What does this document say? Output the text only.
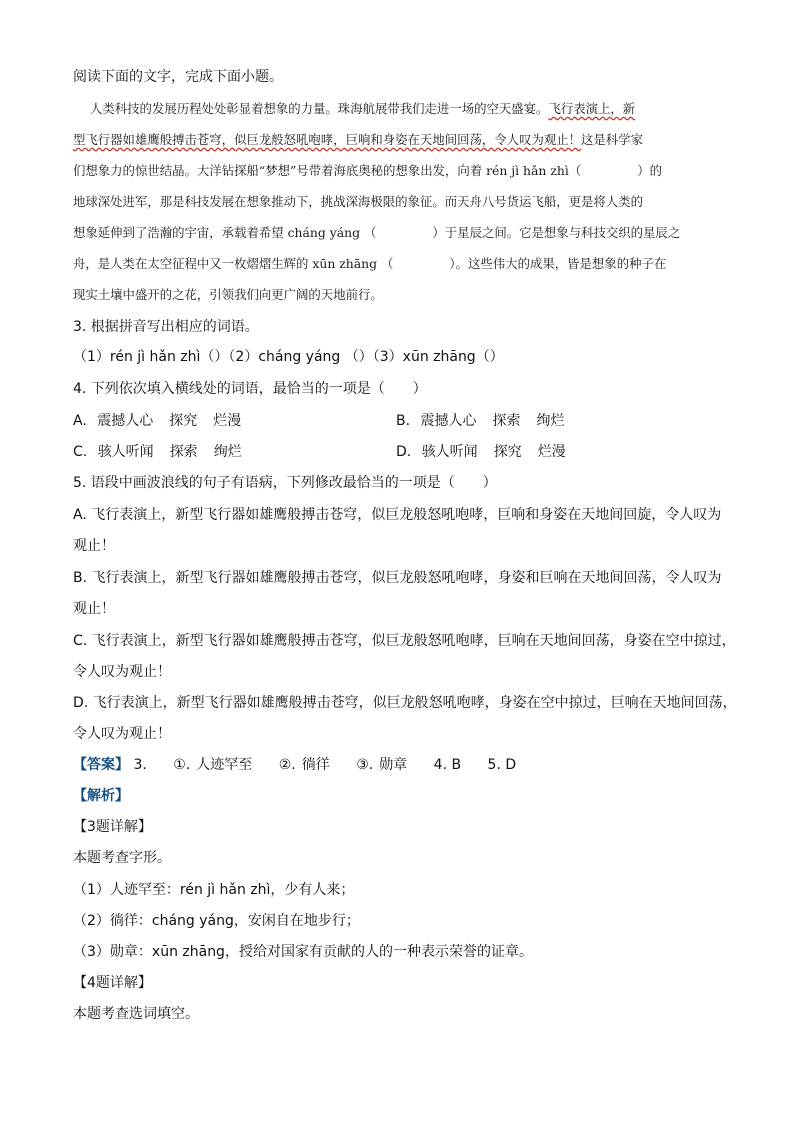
阅读下面的文字，完成下面小题。
人类科技的发展历程处处彰显着想象的力量。珠海航展带我们走进一场的空天盛宴。飞行表演上，新
型飞行器如雄鹰般搏击苍穹，似巨龙般怒吼咆哮，巨响和身姿在天地间回荡，令人叹为观止！这是科学家
们想象力的惊世结晶。大洋钻探船“梦想”号带着海底奥秘的想象出发，向着 rén jì hǎn zhì（	）的
地球深处进军，那是科技发展在想象推动下，挑战深海极限的象征。而天舟八号货运飞船，更是将人类的
想象延伸到了浩瀚的宇宙，承载着希望 cháng yáng （	）于星辰之间。它是想象与科技交织的星辰之
舟，是人类在太空征程中又一枚熠熠生辉的 xūn zhāng （	）。这些伟大的成果，皆是想象的种子在
现实土壤中盛开的之花，引领我们向更广阔的天地前行。
3. 根据拼音写出相应的词语。
（1）rén jì hǎn zhì（）（2）cháng yáng （）（3）xūn zhāng（）
4. 下列依次填入横线处的词语，最恰当的一项是（　　）
A. 震撼人心 探究 烂漫	B. 震撼人心 探索 绚烂
C. 骇人听闻 探索 绚烂	D. 骇人听闻 探究 烂漫
5. 语段中画波浪线的句子有语病，下列修改最恰当的一项是（　　）
A. 飞行表演上，新型飞行器如雄鹰般搏击苍穹，似巨龙般怒吼咆哮，巨响和身姿在天地间回旋，令人叹为
观止！
B. 飞行表演上，新型飞行器如雄鹰般搏击苍穹，似巨龙般怒吼咆哮，身姿和巨响在天地间回荡，令人叹为
观止！
C. 飞行表演上，新型飞行器如雄鹰般搏击苍穹，似巨龙般怒吼咆哮，巨响在天地间回荡，身姿在空中掠过，
令人叹为观止！
D. 飞行表演上，新型飞行器如雄鹰般搏击苍穹，似巨龙般怒吼咆哮，身姿在空中掠过，巨响在天地间回荡，
令人叹为观止！
【答案】 3. ①. 人迹罕至 ②. 徜徉 ③. 勋章 4. B 5. D
【解析】
【3题详解】
本题考查字形。
（1）人迹罕至：rén jì hǎn zhì，少有人来；
（2）徜徉：cháng yáng，安闲自在地步行；
（3）勋章：xūn zhāng，授给对国家有贡献的人的一种表示荣誉的证章。
【4题详解】
本题考查选词填空。
